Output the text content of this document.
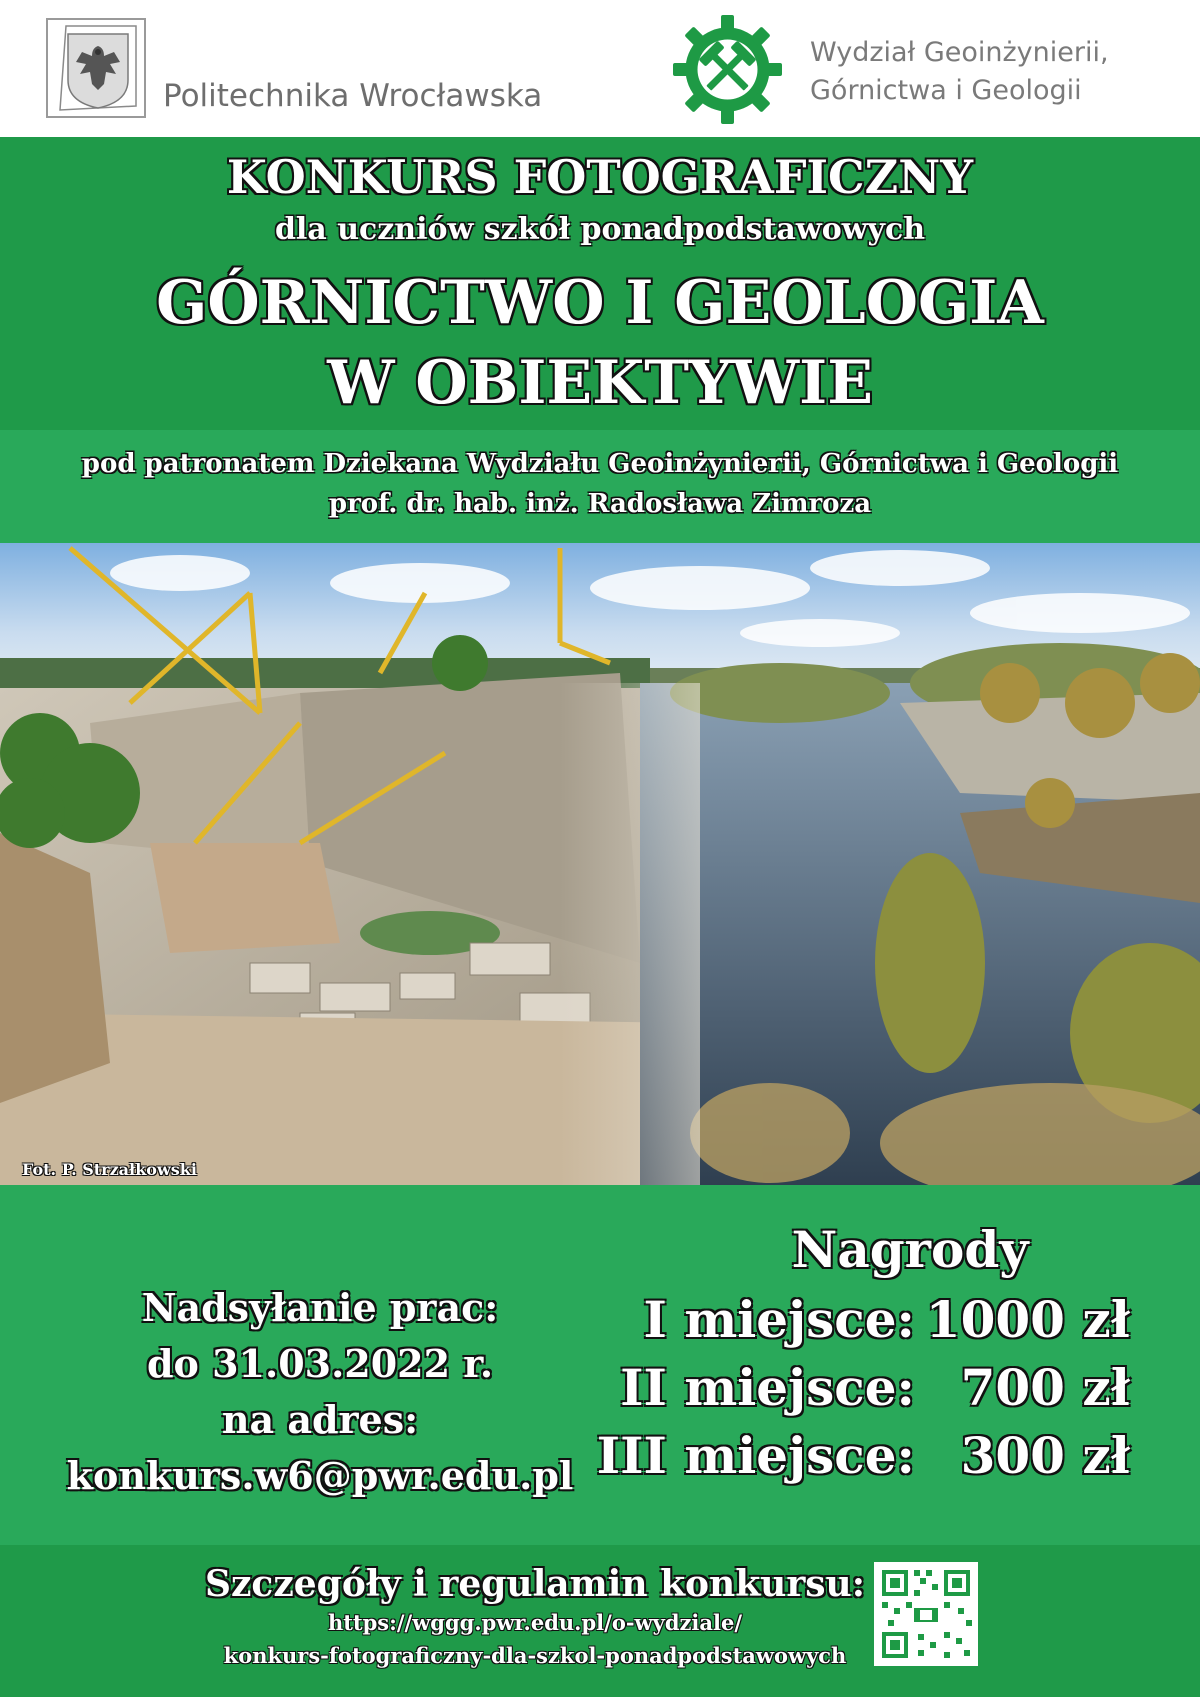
Politechnika Wrocławska
Wydział Geoinżynierii,
Górnictwa i Geologii
KONKURS FOTOGRAFICZNY
dla uczniów szkół ponadpodstawowych
GÓRNICTWO I GEOLOGIA
W OBIEKTYWIE
pod patronatem Dziekana Wydziału Geoinżynierii, Górnictwa i Geologii
prof. dr. hab. inż. Radosława Zimroza
Fot. P. Strzałkowski
Nadsyłanie prac:
do 31.03.2022 r.
na adres:
konkurs.w6@pwr.edu.pl
Nagrody
I miejsce: 1000 zł
II miejsce: 700 zł
III miejsce: 300 zł
Szczegóły i regulamin konkursu:
https://wggg.pwr.edu.pl/o-wydziale/
konkurs-fotograficzny-dla-szkol-ponadpodstawowych
